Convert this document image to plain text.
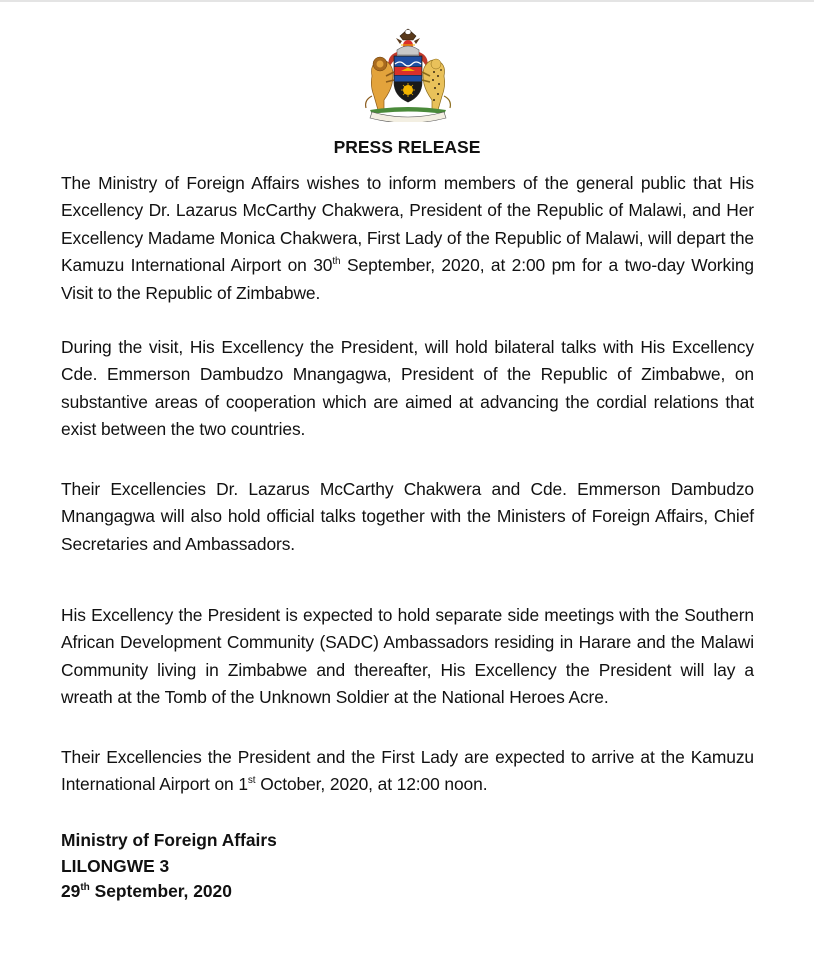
PRESS RELEASE

The Ministry of Foreign Affairs wishes to inform members of the general public that His Excellency Dr. Lazarus McCarthy Chakwera, President of the Republic of Malawi, and Her Excellency Madame Monica Chakwera, First Lady of the Republic of Malawi, will depart the Kamuzu International Airport on 30th September, 2020, at 2:00 pm for a two-day Working Visit to the Republic of Zimbabwe.

During the visit, His Excellency the President, will hold bilateral talks with His Excellency Cde. Emmerson Dambudzo Mnangagwa, President of the Republic of Zimbabwe, on substantive areas of cooperation which are aimed at advancing the cordial relations that exist between the two countries.

Their Excellencies Dr. Lazarus McCarthy Chakwera and Cde. Emmerson Dambudzo Mnangagwa will also hold official talks together with the Ministers of Foreign Affairs, Chief Secretaries and Ambassadors.

His Excellency the President is expected to hold separate side meetings with the Southern African Development Community (SADC) Ambassadors residing in Harare and the Malawi Community living in Zimbabwe and thereafter, His Excellency the President will lay a wreath at the Tomb of the Unknown Soldier at the National Heroes Acre.

Their Excellencies the President and the First Lady are expected to arrive at the Kamuzu International Airport on 1st October, 2020, at 12:00 noon.

Ministry of Foreign Affairs
LILONGWE 3
29th September, 2020
